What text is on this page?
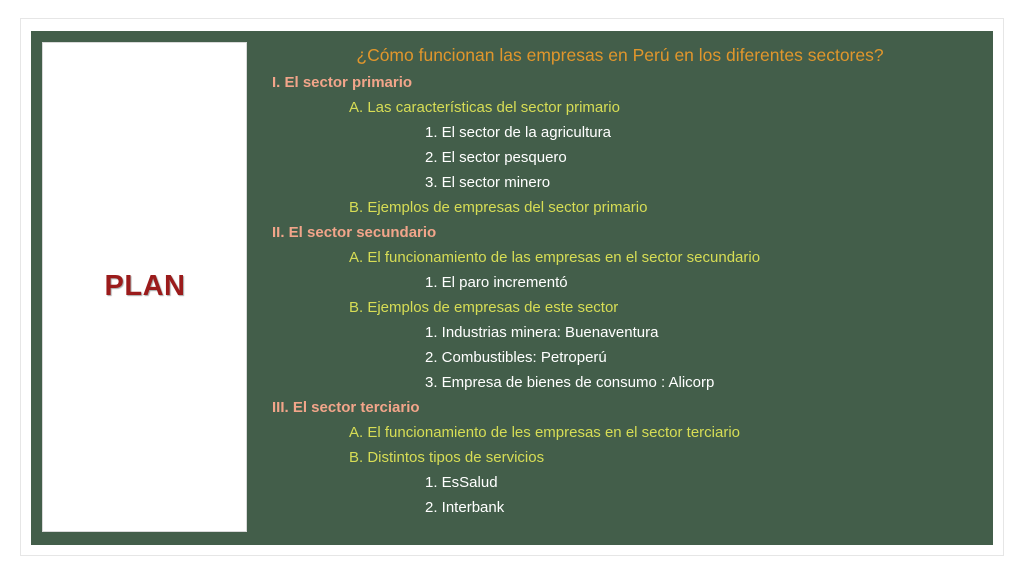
PLAN
¿Cómo funcionan las empresas en Perú en los diferentes sectores?
I. El sector primario
A. Las características del sector primario
1. El sector de la agricultura
2. El sector pesquero
3. El sector minero
B. Ejemplos de empresas del sector primario
II. El sector secundario
A. El funcionamiento de las empresas en el sector secundario
1. El paro incrementó
B. Ejemplos de empresas de este sector
1. Industrias minera: Buenaventura
2. Combustibles: Petroperú
3. Empresa de bienes de consumo : Alicorp
III. El sector terciario
A. El funcionamiento de les empresas en el sector terciario
B. Distintos tipos de servicios
1. EsSalud
2. Interbank
